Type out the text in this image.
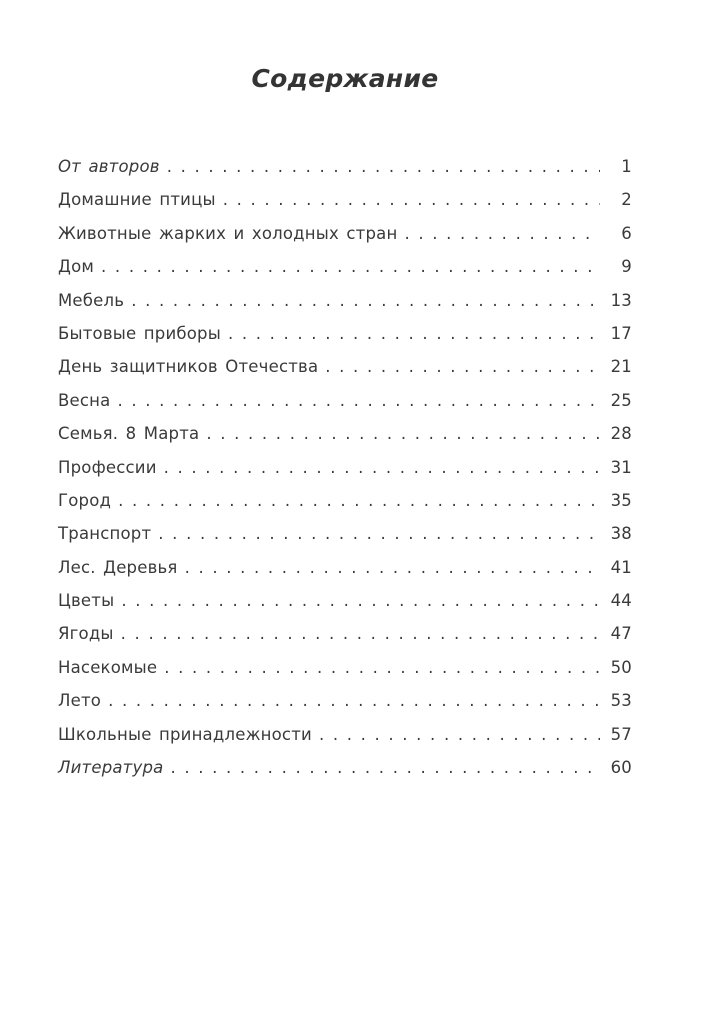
Содержание
От авторов . . .	1
Домашние птицы . . .	2
Животные жарких и холодных стран . . .	6
Дом . . .	9
Мебель . . .	13
Бытовые приборы . . .	17
День защитников Отечества . . .	21
Весна . . .	25
Семья. 8 Марта . . .	28
Профессии . . .	31
Город . . .	35
Транспорт . . .	38
Лес. Деревья . . .	41
Цветы . . .	44
Ягоды . . .	47
Насекомые . . .	50
Лето . . .	53
Школьные принадлежности . . .	57
Литература . . .	60
